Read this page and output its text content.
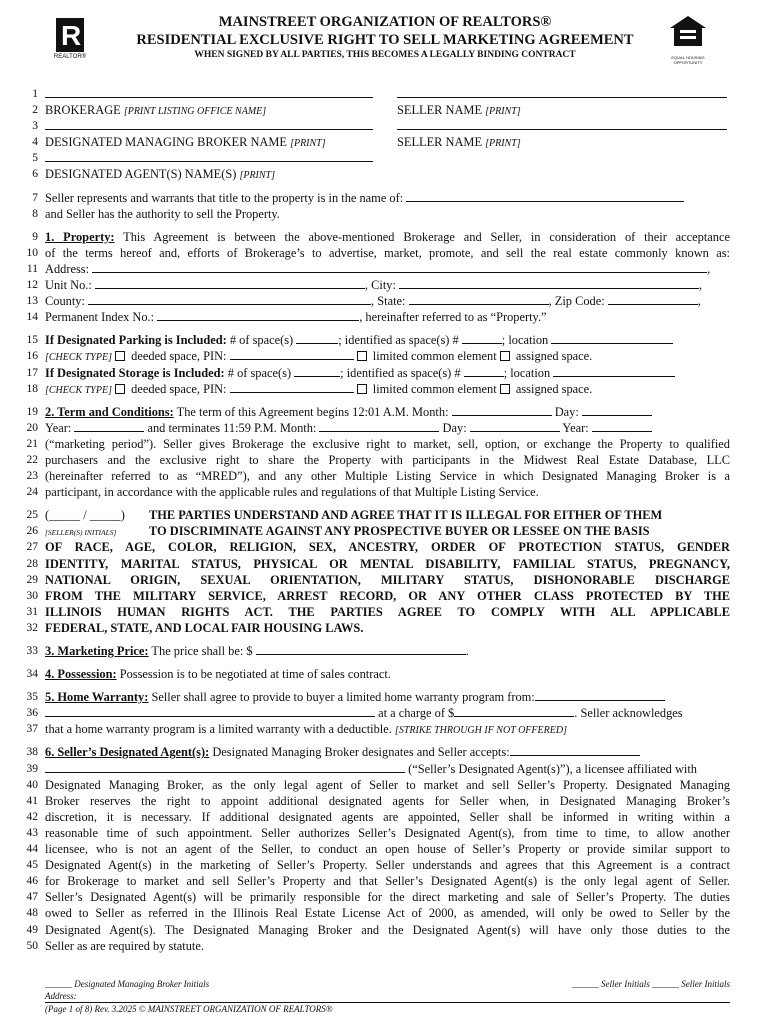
R
REALTOR®
MAINSTREET ORGANIZATION OF REALTORS®
RESIDENTIAL EXCLUSIVE RIGHT TO SELL MARKETING AGREEMENT
WHEN SIGNED BY ALL PARTIES, THIS BECOMES A LEGALLY BINDING CONTRACT	EQUAL HOUSING OPPORTUNITY
1
2 BROKERAGE [PRINT LISTING OFFICE NAME]	SELLER NAME [PRINT]
3
4 DESIGNATED MANAGING BROKER NAME [PRINT]	SELLER NAME [PRINT]
5
6 DESIGNATED AGENT(S) NAME(S) [PRINT]
7 Seller represents and warrants that title to the property is in the name of:
8 and Seller has the authority to sell the Property.
9 1. Property: This Agreement is between the above-mentioned Brokerage and Seller, in consideration of their acceptance
10 of the terms hereof and, efforts of Brokerage’s to advertise, market, promote, and sell the real estate commonly known as:
11 Address:	,
12 Unit No.:	, City:	,
13 County:	, State:	, Zip Code:	,
14 Permanent Index No.:	, hereinafter referred to as “Property.”
15 If Designated Parking is Included: # of space(s)	; identified as space(s) #	; location
16 [CHECK TYPE]  deeded space, PIN:	limited common element  assigned space.
17 If Designated Storage is Included: # of space(s)	; identified as space(s) #	; location
18 [CHECK TYPE]  deeded space, PIN:	limited common element  assigned space.
19 2. Term and Conditions: The term of this Agreement begins 12:01 A.M. Month:	Day:
20 Year:	and terminates 11:59 P.M. Month:	Day:	Year:
21 (“marketing period”). Seller gives Brokerage the exclusive right to market, sell, option, or exchange the Property to qualified
22 purchasers and the exclusive right to share the Property with participants in the Midwest Real Estate Database, LLC
23 (hereinafter referred to as “MRED”), and any other Multiple Listing Service in which Designated Managing Broker is a
24 participant, in accordance with the applicable rules and regulations of that Multiple Listing Service.
25 (_____ / _____) THE PARTIES UNDERSTAND AND AGREE THAT IT IS ILLEGAL FOR EITHER OF THEM
26 [SELLER(S) INITIALS]	TO DISCRIMINATE AGAINST ANY PROSPECTIVE BUYER OR LESSEE ON THE BASIS
27 OF RACE, AGE, COLOR, RELIGION, SEX, ANCESTRY, ORDER OF PROTECTION STATUS, GENDER
28 IDENTITY, MARITAL STATUS, PHYSICAL OR MENTAL DISABILITY, FAMILIAL STATUS, PREGNANCY,
29 NATIONAL ORIGIN, SEXUAL ORIENTATION, MILITARY STATUS, DISHONORABLE DISCHARGE
30 FROM THE MILITARY SERVICE, ARREST RECORD, OR ANY OTHER CLASS PROTECTED BY THE
31 ILLINOIS HUMAN RIGHTS ACT. THE PARTIES AGREE TO COMPLY WITH ALL APPLICABLE
32 FEDERAL, STATE, AND LOCAL FAIR HOUSING LAWS.
33 3. Marketing Price: The price shall be: $	.
34 4. Possession: Possession is to be negotiated at time of sales contract.
35 5. Home Warranty: Seller shall agree to provide to buyer a limited home warranty program from:
36	at a charge of $	. Seller acknowledges
37 that a home warranty program is a limited warranty with a deductible. [STRIKE THROUGH IF NOT OFFERED]
38 6. Seller’s Designated Agent(s): Designated Managing Broker designates and Seller accepts:
39	(“Seller’s Designated Agent(s)”), a licensee affiliated with
40 Designated Managing Broker, as the only legal agent of Seller to market and sell Seller’s Property. Designated Managing
41 Broker reserves the right to appoint additional designated agents for Seller when, in Designated Managing Broker’s
42 discretion, it is necessary. If additional designated agents are appointed, Seller shall be informed in writing within a
43 reasonable time of such appointment. Seller authorizes Seller’s Designated Agent(s), from time to time, to allow another
44 licensee, who is not an agent of the Seller, to conduct an open house of Seller’s Property or provide similar support to
45 Designated Agent(s) in the marketing of Seller’s Property. Seller understands and agrees that this Agreement is a contract
46 for Brokerage to market and sell Seller’s Property and that Seller’s Designated Agent(s) is the only legal agent of Seller.
47 Seller’s Designated Agent(s) will be primarily responsible for the direct marketing and sale of Seller’s Property. The duties
48 owed to Seller as referred in the Illinois Real Estate License Act of 2000, as amended, will only be owed to Seller by the
49 Designated Agent(s). The Designated Managing Broker and the Designated Agent(s) will have only those duties to the
50 Seller as are required by statute.
______ Designated Managing Broker Initials	______ Seller Initials ______ Seller Initials
Address:
(Page 1 of 8) Rev. 3.2025 © MAINSTREET ORGANIZATION OF REALTORS®
